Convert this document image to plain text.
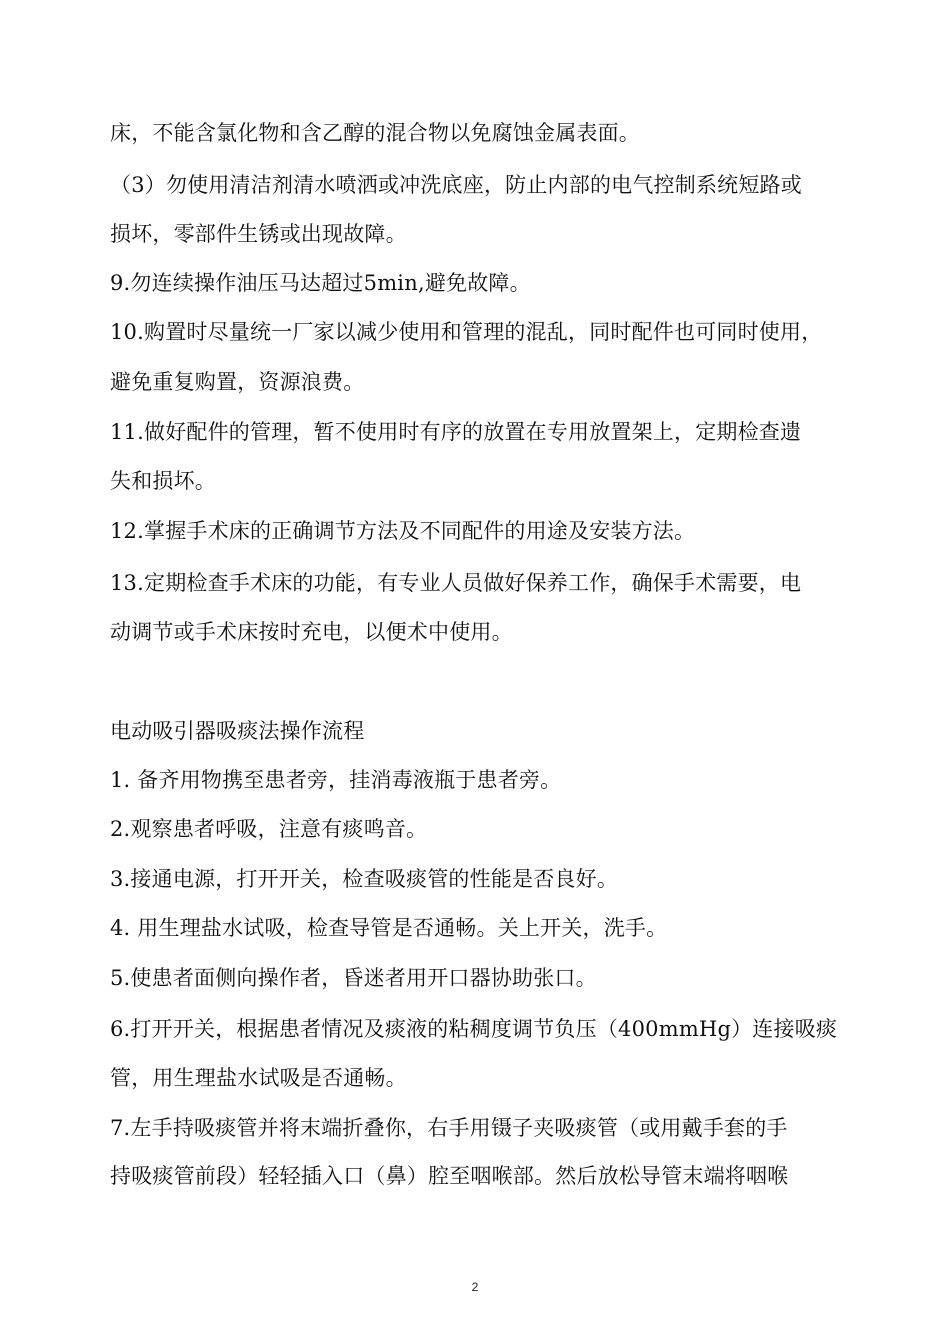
床，不能含氯化物和含乙醇的混合物以免腐蚀金属表面。
（3）勿使用清洁剂清水喷洒或冲洗底座，防止内部的电气控制系统短路或
损坏，零部件生锈或出现故障。
9.勿连续操作油压马达超过5min,避免故障。
10.购置时尽量统一厂家以减少使用和管理的混乱，同时配件也可同时使用，
避免重复购置，资源浪费。
11.做好配件的管理，暂不使用时有序的放置在专用放置架上，定期检查遗
失和损坏。
12.掌握手术床的正确调节方法及不同配件的用途及安装方法。
13.定期检查手术床的功能，有专业人员做好保养工作，确保手术需要，电
动调节或手术床按时充电，以便术中使用。
电动吸引器吸痰法操作流程
1. 备齐用物携至患者旁，挂消毒液瓶于患者旁。
2.观察患者呼吸，注意有痰鸣音。
3.接通电源，打开开关，检查吸痰管的性能是否良好。
4. 用生理盐水试吸，检查导管是否通畅。关上开关，洗手。
5.使患者面侧向操作者，昏迷者用开口器协助张口。
6.打开开关，根据患者情况及痰液的粘稠度调节负压（400mmHg）连接吸痰
管，用生理盐水试吸是否通畅。
7.左手持吸痰管并将末端折叠你，右手用镊子夹吸痰管（或用戴手套的手
持吸痰管前段）轻轻插入口（鼻）腔至咽喉部。然后放松导管末端将咽喉
2
